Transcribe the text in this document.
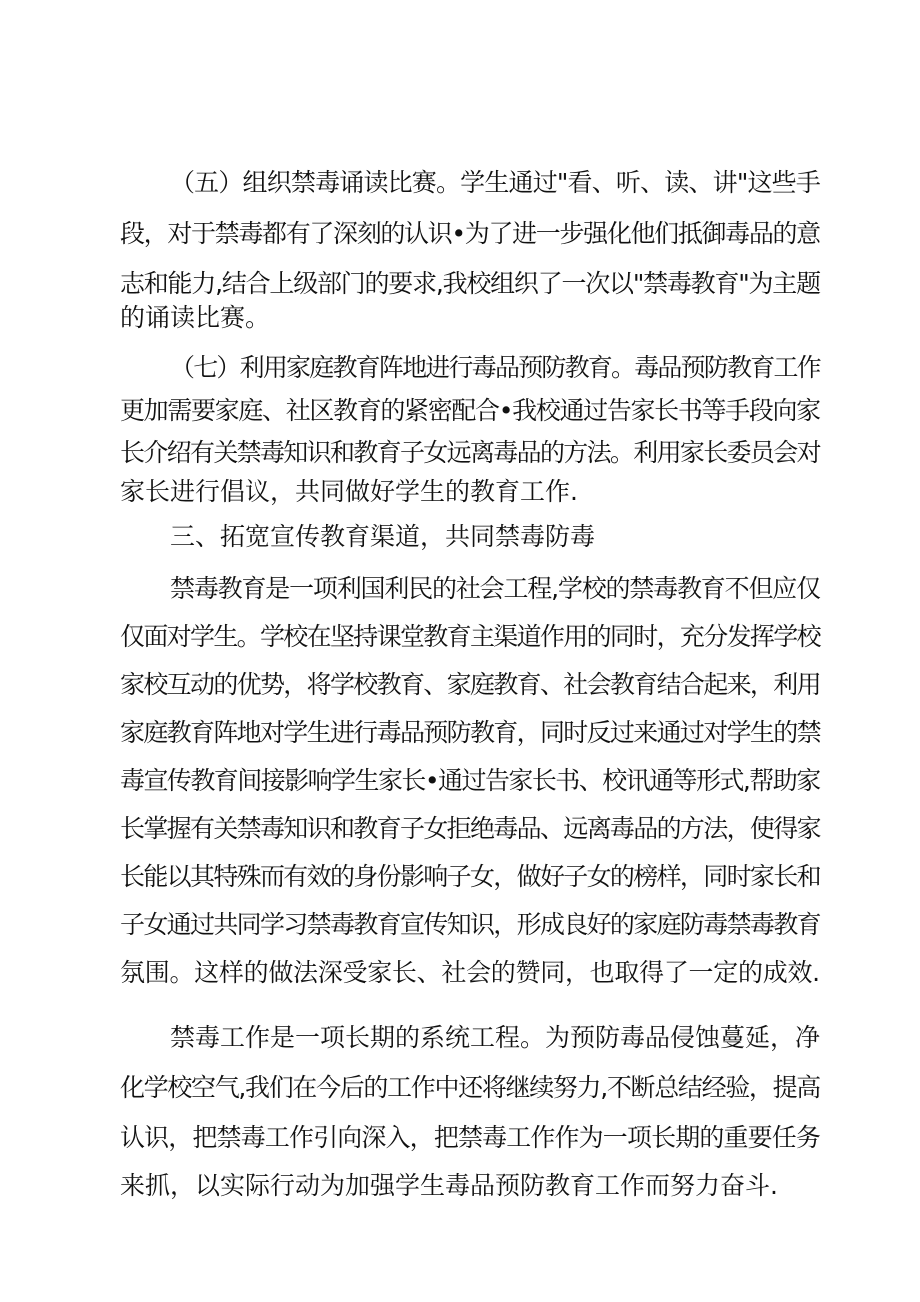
（五）组织禁毒诵读比赛。学生通过"看、听、读、讲"这些手
段，对于禁毒都有了深刻的认识•为了进一步强化他们抵御毒品的意
志和能力,结合上级部门的要求,我校组织了一次以"禁毒教育"为主题
的诵读比赛。
（七）利用家庭教育阵地进行毒品预防教育。毒品预防教育工作
更加需要家庭、社区教育的紧密配合•我校通过告家长书等手段向家
长介绍有关禁毒知识和教育子女远离毒品的方法。利用家长委员会对
家长进行倡议，共同做好学生的教育工作.
三、拓宽宣传教育渠道，共同禁毒防毒
禁毒教育是一项利国利民的社会工程,学校的禁毒教育不但应仅
仅面对学生。学校在坚持课堂教育主渠道作用的同时，充分发挥学校
家校互动的优势，将学校教育、家庭教育、社会教育结合起来，利用
家庭教育阵地对学生进行毒品预防教育，同时反过来通过对学生的禁
毒宣传教育间接影响学生家长•通过告家长书、校讯通等形式,帮助家
长掌握有关禁毒知识和教育子女拒绝毒品、远离毒品的方法，使得家
长能以其特殊而有效的身份影响子女，做好子女的榜样，同时家长和
子女通过共同学习禁毒教育宣传知识，形成良好的家庭防毒禁毒教育
氛围。这样的做法深受家长、社会的赞同，也取得了一定的成效.
禁毒工作是一项长期的系统工程。为预防毒品侵蚀蔓延，净
化学校空气,我们在今后的工作中还将继续努力,不断总结经验，提高
认识，把禁毒工作引向深入，把禁毒工作作为一项长期的重要任务
来抓，以实际行动为加强学生毒品预防教育工作而努力奋斗.
